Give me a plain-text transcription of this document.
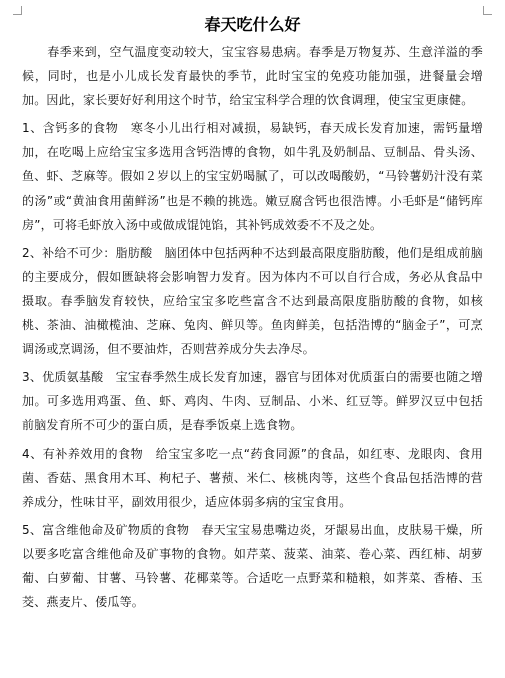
春天吃什么好

春季来到，空气温度变动较大，宝宝容易患病。春季是万物复苏、生意洋溢的季候，同时，也是小儿成长发育最快的季节，此时宝宝的免疫功能加强，进餐量会增加。因此，家长要好好利用这个时节，给宝宝科学合理的饮食调理，使宝宝更康健。

1、含钙多的食物　寒冬小儿出行相对减损，易缺钙，春天成长发育加速，需钙量增加，在吃喝上应给宝宝多选用含钙浩博的食物，如牛乳及奶制品、豆制品、骨头汤、鱼、虾、芝麻等。假如２岁以上的宝宝奶喝腻了，可以改喝酸奶，“马铃薯奶汁没有菜的汤”或“黄油食用菌鲜汤”也是不赖的挑选。嫩豆腐含钙也很浩博。小毛虾是“储钙库房”，可将毛虾放入汤中或做成馄饨馅，其补钙成效委不不及之处。

2、补给不可少：脂肪酸　脑团体中包括两种不达到最高限度脂肪酸，他们是组成前脑的主要成分，假如匮缺将会影响智力发育。因为体内不可以自行合成，务必从食品中摄取。春季脑发育较快，应给宝宝多吃些富含不达到最高限度脂肪酸的食物，如核桃、茶油、油橄榄油、芝麻、兔肉、鲜贝等。鱼肉鲜美，包括浩博的“脑金子”，可烹调汤或烹调汤，但不要油炸，否则营养成分失去净尽。

3、优质氨基酸　宝宝春季然生成长发育加速，器官与团体对优质蛋白的需要也随之增加。可多选用鸡蛋、鱼、虾、鸡肉、牛肉、豆制品、小米、红豆等。鲜罗汉豆中包括前脑发育所不可少的蛋白质，是春季饭桌上选食物。

4、有补养效用的食物　给宝宝多吃一点“药食同源”的食品，如红枣、龙眼肉、食用菌、香菇、黑食用木耳、枸杞子、薯蓣、米仁、核桃肉等，这些个食品包括浩博的营养成分，性味甘平，副效用很少，适应体弱多病的宝宝食用。

5、富含维他命及矿物质的食物　春天宝宝易患嘴边炎，牙龈易出血，皮肤易干燥，所以要多吃富含维他命及矿事物的食物。如芹菜、菠菜、油菜、卷心菜、西红柿、胡萝葡、白萝葡、甘薯、马铃薯、花椰菜等。合适吃一点野菜和糙粮，如荠菜、香椿、玉茭、燕麦片、倭瓜等。
